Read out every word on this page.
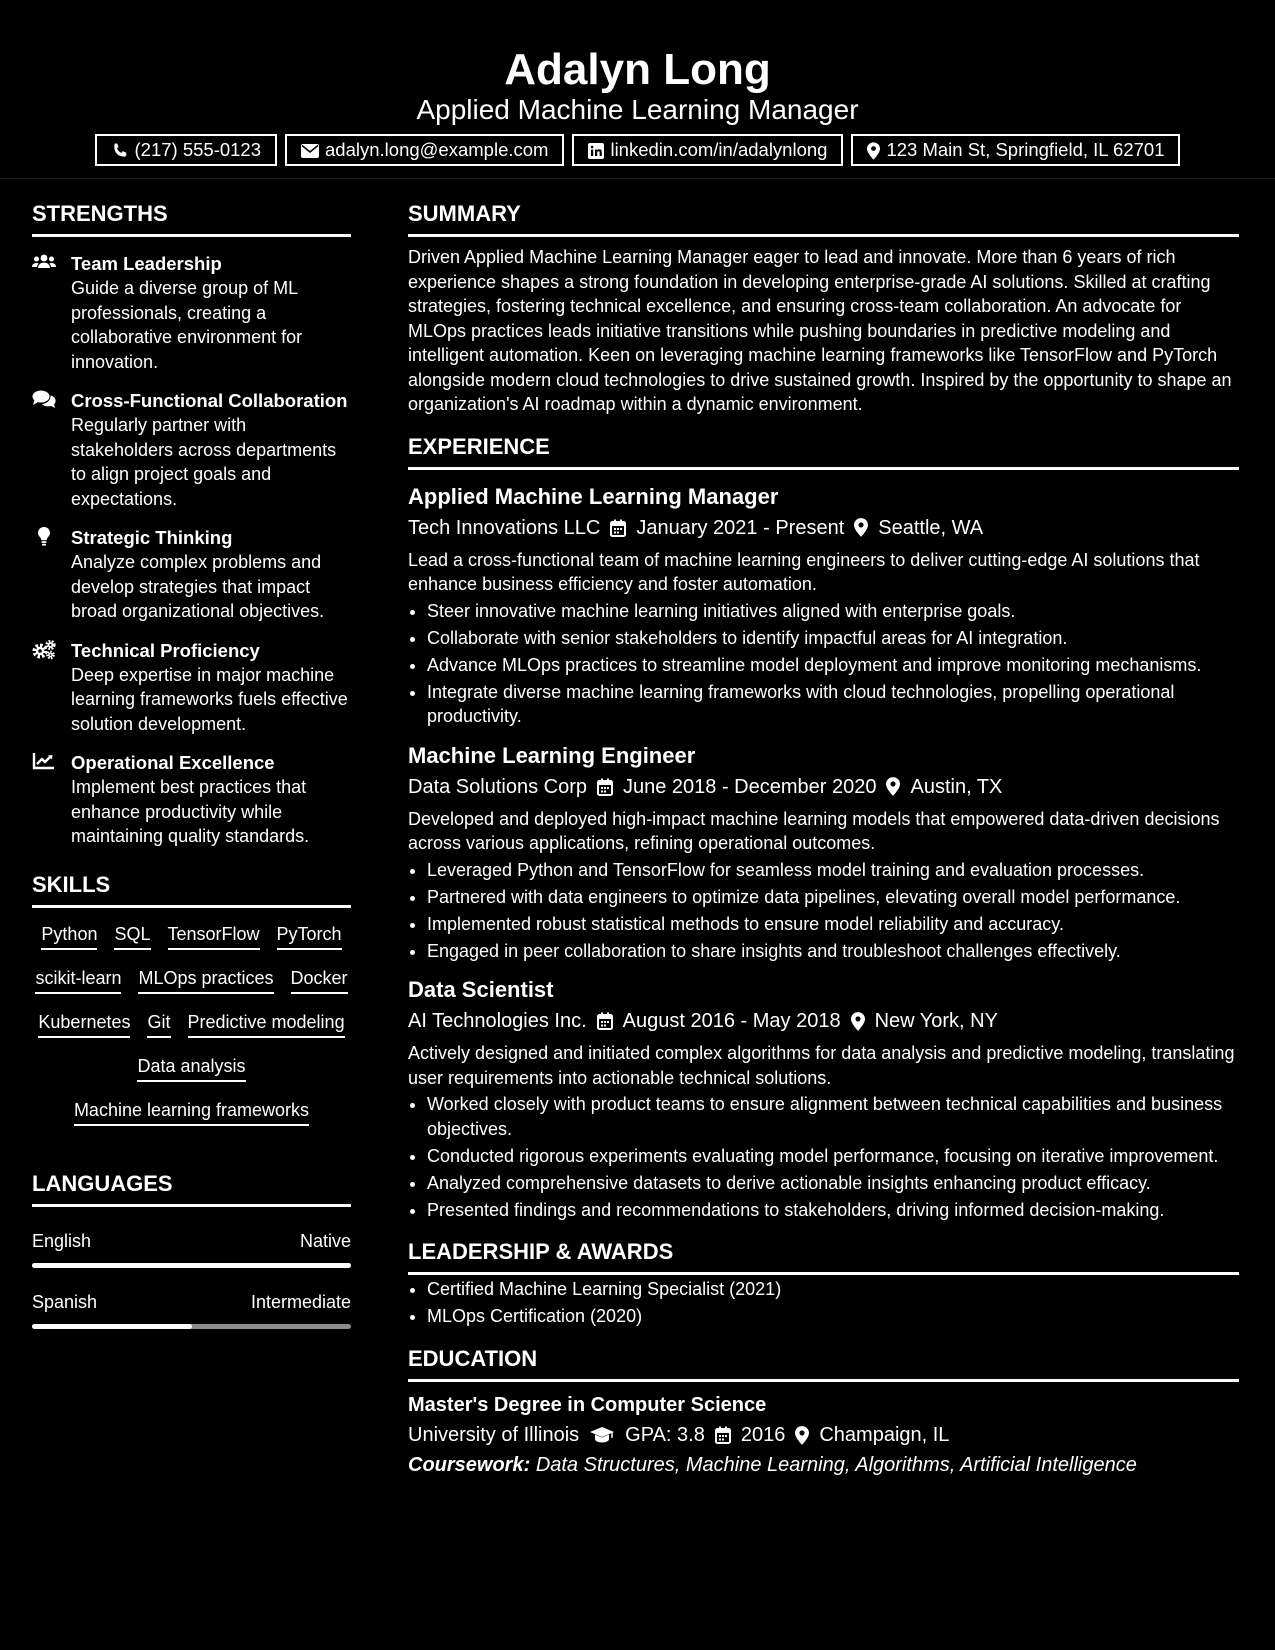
Adalyn Long
Applied Machine Learning Manager
(217) 555-0123	adalyn.long@example.com	linkedin.com/in/adalynlong	123 Main St, Springfield, IL 62701
STRENGTHS
Team Leadership
Guide a diverse group of ML professionals, creating a collaborative environment for innovation.
Cross-Functional Collaboration
Regularly partner with stakeholders across departments to align project goals and expectations.
Strategic Thinking
Analyze complex problems and develop strategies that impact broad organizational objectives.
Technical Proficiency
Deep expertise in major machine learning frameworks fuels effective solution development.
Operational Excellence
Implement best practices that enhance productivity while maintaining quality standards.
SKILLS
Python SQL TensorFlow PyTorch
scikit-learn MLOps practices Docker
Kubernetes Git Predictive modeling
Data analysis
Machine learning frameworks
LANGUAGES
English	Native
Spanish	Intermediate
SUMMARY
Driven Applied Machine Learning Manager eager to lead and innovate. More than 6 years of rich experience shapes a strong foundation in developing enterprise-grade AI solutions. Skilled at crafting strategies, fostering technical excellence, and ensuring cross-team collaboration. An advocate for MLOps practices leads initiative transitions while pushing boundaries in predictive modeling and intelligent automation. Keen on leveraging machine learning frameworks like TensorFlow and PyTorch alongside modern cloud technologies to drive sustained growth. Inspired by the opportunity to shape an organization's AI roadmap within a dynamic environment.
EXPERIENCE
Applied Machine Learning Manager
Tech Innovations LLC January 2021 - Present Seattle, WA
Lead a cross-functional team of machine learning engineers to deliver cutting-edge AI solutions that enhance business efficiency and foster automation.
• Steer innovative machine learning initiatives aligned with enterprise goals.
• Collaborate with senior stakeholders to identify impactful areas for AI integration.
• Advance MLOps practices to streamline model deployment and improve monitoring mechanisms.
• Integrate diverse machine learning frameworks with cloud technologies, propelling operational productivity.
Machine Learning Engineer
Data Solutions Corp June 2018 - December 2020 Austin, TX
Developed and deployed high-impact machine learning models that empowered data-driven decisions across various applications, refining operational outcomes.
• Leveraged Python and TensorFlow for seamless model training and evaluation processes.
• Partnered with data engineers to optimize data pipelines, elevating overall model performance.
• Implemented robust statistical methods to ensure model reliability and accuracy.
• Engaged in peer collaboration to share insights and troubleshoot challenges effectively.
Data Scientist
AI Technologies Inc. August 2016 - May 2018 New York, NY
Actively designed and initiated complex algorithms for data analysis and predictive modeling, translating user requirements into actionable technical solutions.
• Worked closely with product teams to ensure alignment between technical capabilities and business objectives.
• Conducted rigorous experiments evaluating model performance, focusing on iterative improvement.
• Analyzed comprehensive datasets to derive actionable insights enhancing product efficacy.
• Presented findings and recommendations to stakeholders, driving informed decision-making.
LEADERSHIP & AWARDS
• Certified Machine Learning Specialist (2021)
• MLOps Certification (2020)
EDUCATION
Master's Degree in Computer Science
University of Illinois GPA: 3.8 2016 Champaign, IL
Coursework: Data Structures, Machine Learning, Algorithms, Artificial Intelligence
